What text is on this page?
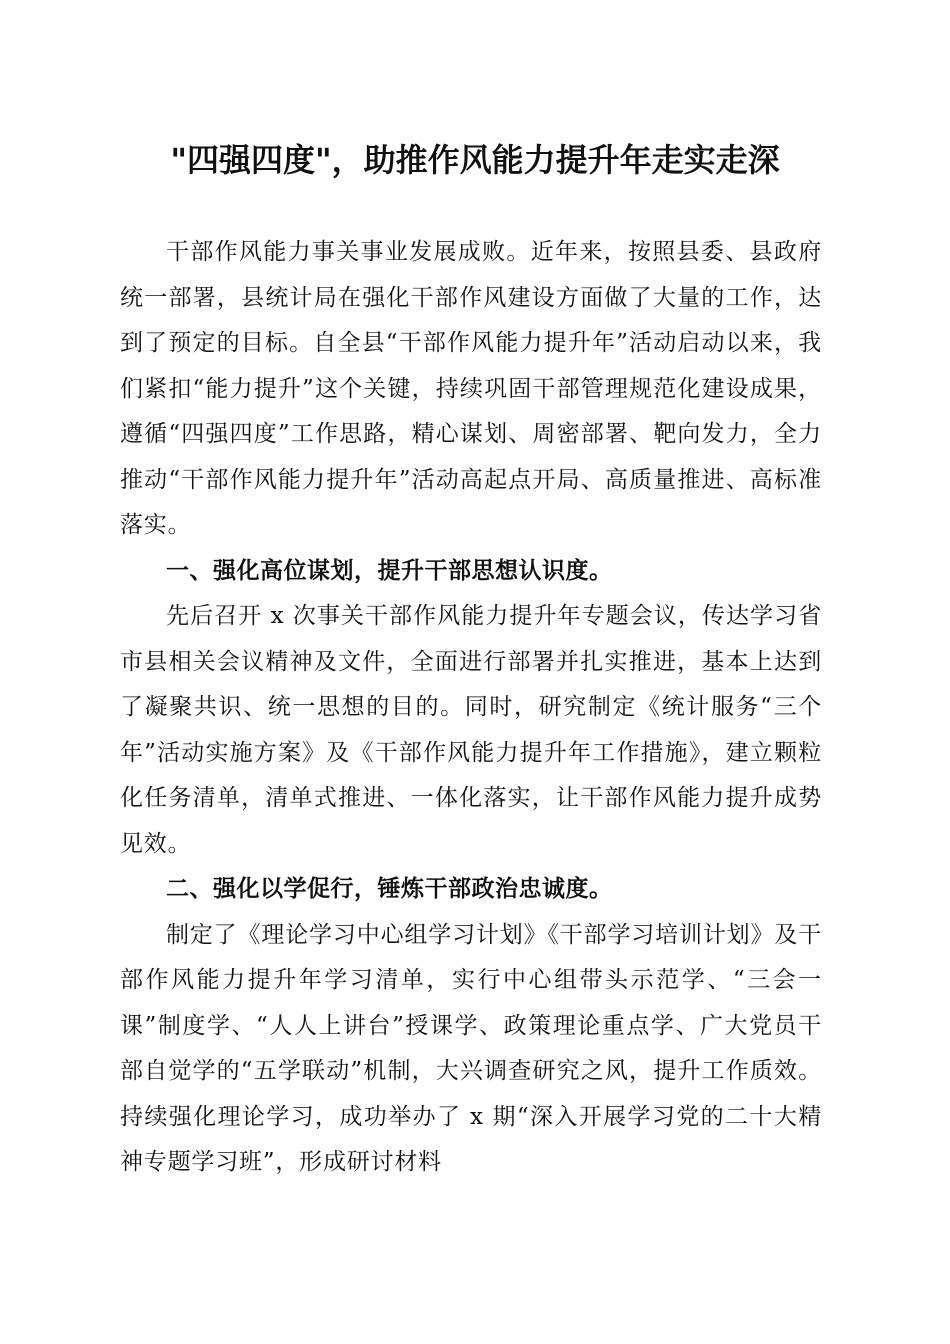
"四强四度"，助推作风能力提升年走实走深

干部作风能力事关事业发展成败。近年来，按照县委、县政府统一部署，县统计局在强化干部作风建设方面做了大量的工作，达到了预定的目标。自全县“干部作风能力提升年”活动启动以来，我们紧扣“能力提升”这个关键，持续巩固干部管理规范化建设成果，遵循“四强四度”工作思路，精心谋划、周密部署、靶向发力，全力推动“干部作风能力提升年”活动高起点开局、高质量推进、高标准落实。

一、强化高位谋划，提升干部思想认识度。

先后召开 x 次事关干部作风能力提升年专题会议，传达学习省市县相关会议精神及文件，全面进行部署并扎实推进，基本上达到了凝聚共识、统一思想的目的。同时，研究制定《统计服务“三个年”活动实施方案》及《干部作风能力提升年工作措施》，建立颗粒化任务清单，清单式推进、一体化落实，让干部作风能力提升成势见效。

二、强化以学促行，锤炼干部政治忠诚度。

制定了《理论学习中心组学习计划》《干部学习培训计划》及干部作风能力提升年学习清单，实行中心组带头示范学、“三会一课”制度学、“人人上讲台”授课学、政策理论重点学、广大党员干部自觉学的“五学联动”机制，大兴调查研究之风，提升工作质效。持续强化理论学习，成功举办了 x 期“深入开展学习党的二十大精神专题学习班”，形成研讨材料
